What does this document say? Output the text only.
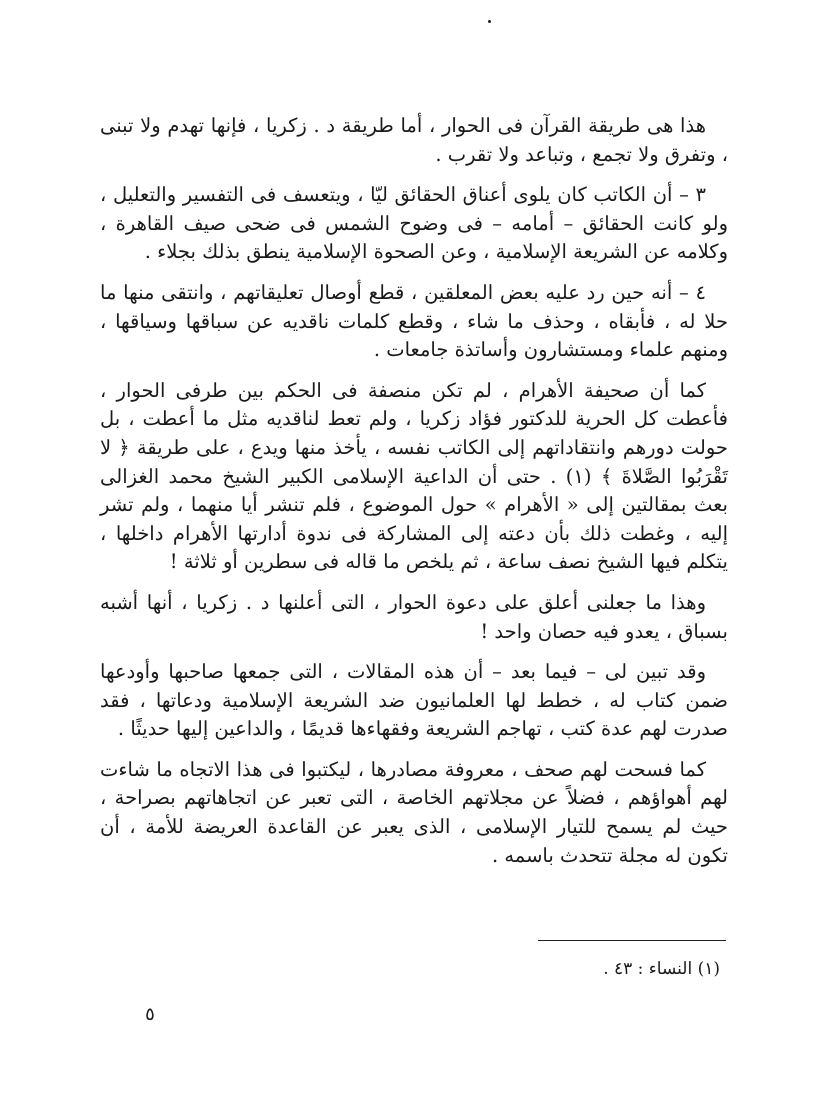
هذا هى طريقة القرآن فى الحوار ، أما طريقة د . زكريا ، فإنها تهدم ولا تبنى ، وتفرق ولا تجمع ، وتباعد ولا تقرب .

٣ – أن الكاتب كان يلوى أعناق الحقائق ليّا ، ويتعسف فى التفسير والتعليل ، ولو كانت الحقائق – أمامه – فى وضوح الشمس فى ضحى صيف القاهرة ، وكلامه عن الشريعة الإسلامية ، وعن الصحوة الإسلامية ينطق بذلك بجلاء .

٤ – أنه حين رد عليه بعض المعلقين ، قطع أوصال تعليقاتهم ، وانتقى منها ما حلا له ، فأبقاه ، وحذف ما شاء ، وقطع كلمات ناقديه عن سباقها وسياقها ، ومنهم علماء ومستشارون وأساتذة جامعات .

كما أن صحيفة الأهرام ، لم تكن منصفة فى الحكم بين طرفى الحوار ، فأعطت كل الحرية للدكتور فؤاد زكريا ، ولم تعط لناقديه مثل ما أعطت ، بل حولت دورهم وانتقاداتهم إلى الكاتب نفسه ، يأخذ منها ويدع ، على طريقة ﴿ لا تَقْرَبُوا الصَّلاةَ ﴾ (١) . حتى أن الداعية الإسلامى الكبير الشيخ محمد الغزالى بعث بمقالتين إلى « الأهرام » حول الموضوع ، فلم تنشر أيا منهما ، ولم تشر إليه ، وغطت ذلك بأن دعته إلى المشاركة فى ندوة أدارتها الأهرام داخلها ، يتكلم فيها الشيخ نصف ساعة ، ثم يلخص ما قاله فى سطرين أو ثلاثة !

وهذا ما جعلنى أعلق على دعوة الحوار ، التى أعلنها د . زكريا ، أنها أشبه بسباق ، يعدو فيه حصان واحد !

وقد تبين لى – فيما بعد – أن هذه المقالات ، التى جمعها صاحبها وأودعها ضمن كتاب له ، خطط لها العلمانيون ضد الشريعة الإسلامية ودعاتها ، فقد صدرت لهم عدة كتب ، تهاجم الشريعة وفقهاءها قديمًا ، والداعين إليها حديثًا .

كما فسحت لهم صحف ، معروفة مصادرها ، ليكتبوا فى هذا الاتجاه ما شاءت لهم أهواؤهم ، فضلاً عن مجلاتهم الخاصة ، التى تعبر عن اتجاهاتهم بصراحة ، حيث لم يسمح للتيار الإسلامى ، الذى يعبر عن القاعدة العريضة للأمة ، أن تكون له مجلة تتحدث باسمه .

(١) النساء : ٤٣ .
٥
